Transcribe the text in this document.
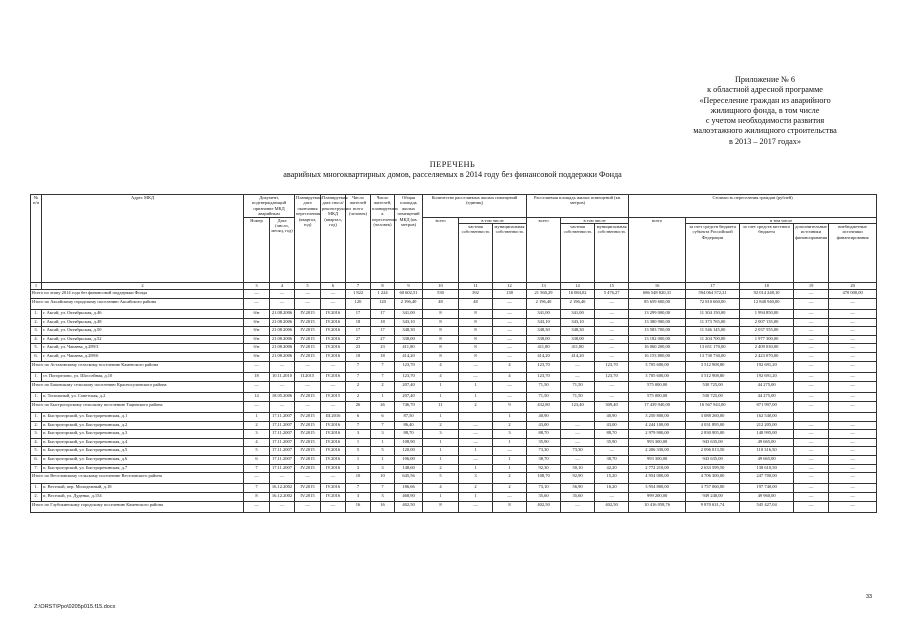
Приложение № 6
к областной адресной программе
«Переселение граждан из аварийного
жилищного фонда, в том числе
с учетом необходимости развития
малоэтажного жилищного строительства
в 2013 – 2017 годах»
ПЕРЕЧЕНЬ
аварийных многоквартирных домов, расселяемых в 2014 году без финансовой поддержки Фонда
№ п/п	Адрес МКД	Документ, подтверждающий признание МКД аварийным		Планируемая дата окончания переселения (квартал, год)	Планируемая дата сноса/ реконструкции МКД (квартал, год)	Число жителей всего (человек)	Число жителей, планируемых к переселению (человек)	Общая площадь жилых помещений МКД (кв. метров)	Количество расселяемых жилых помещений (единиц)			Расселяемая площадь жилых помещений (кв. метров)			Стоимость переселения граждан (рублей)				
		Номер	Дата (число, месяц, год)						всего	в том числе		всего	в том числе		всего	в том числе			
										частная собственность	муниципальная собственность		частная собственность	муниципальная собственность		за счет средств бюджета субъекта Российской Федерации	за счет средств местного бюджета	дополнительные источники финансирования	внебюджетные источники финансирования
1	2	3	4	5	6	7	8	9	10	11	12	13	14	15	16	17	18	19	20
Всего по этапу 2014 года без финансовой поддержки Фонда		—	—	—	—	1 822	1 224	60 602,51	530	392	138	21 560,29	16 084,02	5 476,27	686 548 820,31	594 064 572,21	92 014 248,10	—	470 000,00
Итого по Аксайскому городскому поселению Аксайского района		—	—	—	—	120	120	2 196,40	48	48	—	2 196,40	2 196,40	—	85 659 600,00	72 810 660,00	12 848 940,00	—	—
1.	г. Аксай, ул. Октябрьская, д.46	б/н	21.08.2006	IV.2015	IV.2016	17	17	341,00	8	8	—	341,00	341,00	—	13 299 000,00	11 304 150,00	1 994 850,00	—	—
2.	г. Аксай, ул. Октябрьская, д.48	б/н	21.08.2006	IV.2015	IV.2016	18	18	343,10	8	8	—	343,10	343,10	—	13 380 900,00	11 373 765,00	2 007 135,00	—	—
3.	г. Аксай, ул. Октябрьская, д.50	б/н	21.08.2006	IV.2015	IV.2016	17	17	348,30	8	8	—	348,30	348,30	—	13 583 700,00	11 546 145,00	2 037 555,00	—	—
4.	г. Аксай, ул. Октябрьская, д.52	б/н	21.08.2006	IV.2015	IV.2016	27	27	338,00	8	8	—	338,00	338,00	—	13 182 000,00	11 204 700,00	1 977 300,00	—	—
5.	г. Аксай, ул. Чапаева, д.289/3	б/н	21.08.2006	IV.2015	IV.2016	23	23	411,80	8	8	—	411,80	411,80	—	16 060 200,00	13 651 170,00	2 409 030,00	—	—
6.	г. Аксай, ул. Чапаева, д.289/6	б/н	21.08.2006	IV.2015	IV.2016	18	18	414,20	8	8	—	414,20	414,20	—	16 153 800,00	13 730 730,00	2 423 070,00	—	—
Итого по Астаховскому сельскому поселению Каменского района		—	—	—	—	7	7	123,70	4	—	4	123,70	—	123,70	3 705 600,00	3 512 908,80	192 691,20	—	—
1.	ст. Погорелово, ул. Шоссейная, д.10	18	10.11.2010	II.2015	IV.2016	7	7	123,70	4	—	4	123,70	—	123,70	3 705 600,00	3 512 908,80	192 691,20	—	—
Итого по Боковскому сельскому поселению Красносулинского района		—	—	—	—	2	2	207,40	1	1	—	71,50	71,50	—	575 000,00	530 725,00	44 275,00	—	—
1.	п. Топольный, ул. Советская, д.2	14	18.05.2006	IV.2015	IV.2015	2	1	207,40	1	1	—	71,50	71,50	—	575 000,00	530 725,00	44 275,00	—	—
Итого по Быстрогорскому сельскому поселению Тацинского района		—	—	—	—	26	26	746,70	11	2	9	432,80	123,40	309,40	17 439 940,00	16 567 943,00	871 997,00	—	—
1.	п. Быстрогорский, ул. Быстроречинская, д.1	1	17.11.2007	IV.2015	III.2016	6	6	87,50	1		1	40,90		40,90	3 250 800,00	3 088 260,00	162 540,00		
2.	п. Быстрогорский, ул. Быстроречинская, д.2	2	17.11.2007	IV.2015	IV.2016	7	7	86,40	2	—	2	43,00	—	43,00	4 244 100,00	4 031 895,00	212 205,00	—	—
3.	п. Быстрогорский, ул. Быстроречинская, д.3	3	17.11.2007	IV.2015	IV.2016	3	3	88,70	3	—	3	88,70	—	88,70	2 979 900,00	2 830 905,00	148 995,00	—	—
4.	п. Быстрогорский, ул. Быстроречинская, д.4	4	17.11.2007	IV.2015	IV.2016	1	1	108,90	1	—	1	35,90	—	35,90	993 300,00	943 635,00	49 665,00	—	—
5.	п. Быстрогорский, ул. Быстроречинская, д.5	5	17.11.2007	IV.2015	IV.2016	5	5	120,00	1	1	—	73,30	73,30	—	2 206 330,00	2 096 013,50	110 316,50	—	—
6.	п. Быстрогорский, ул. Быстроречинская, д.6	6	17.11.2007	IV.2015	IV.2016	1	1	106,00	1	—	1	38,70	—	38,70	993 300,00	943 635,00	49 665,00	—	—
7.	п. Быстрогорский, ул. Быстроречинская, д.7	7	17.11.2007	IV.2015	IV.2016	3	3	148,60	2	1	1	92,30	50,10	42,20	2 772 210,00	2 633 599,50	138 610,50	—	—
Итого по Веселовскому сельскому поселению Веселовского района		—	—	—	—	10	10	645,56	5	3	2	108,70	92,90	15,20	4 954 000,00	4 706 300,00	247 700,00	—	—
1.	п. Веселый, пер. Молодежный, д.18	7	16.12.2002	IV.2015	IV.2016	7	7	186,66	4	2	2	73,10	56,90	16,20	3 954 800,00	3 757 060,00	197 740,00	—	—
2.	п. Веселый, ул. Дуденко, д.154	8	16.12.2002	IV.2015	IV.2016	3	3	468,90	1	1	—	35,60	35,60	—	999 200,00	949 240,00	49 960,00	—	—
Итого по Глубокинскому городскому поселению Каменского района		—	—	—	—	16	16	402,50	8	—	8	402,50	—	402,50	10 416 058,76	9 870 631,74	545 427,04	—	—
Z:\ORST\Ppo\0205p015.f15.docx
33
